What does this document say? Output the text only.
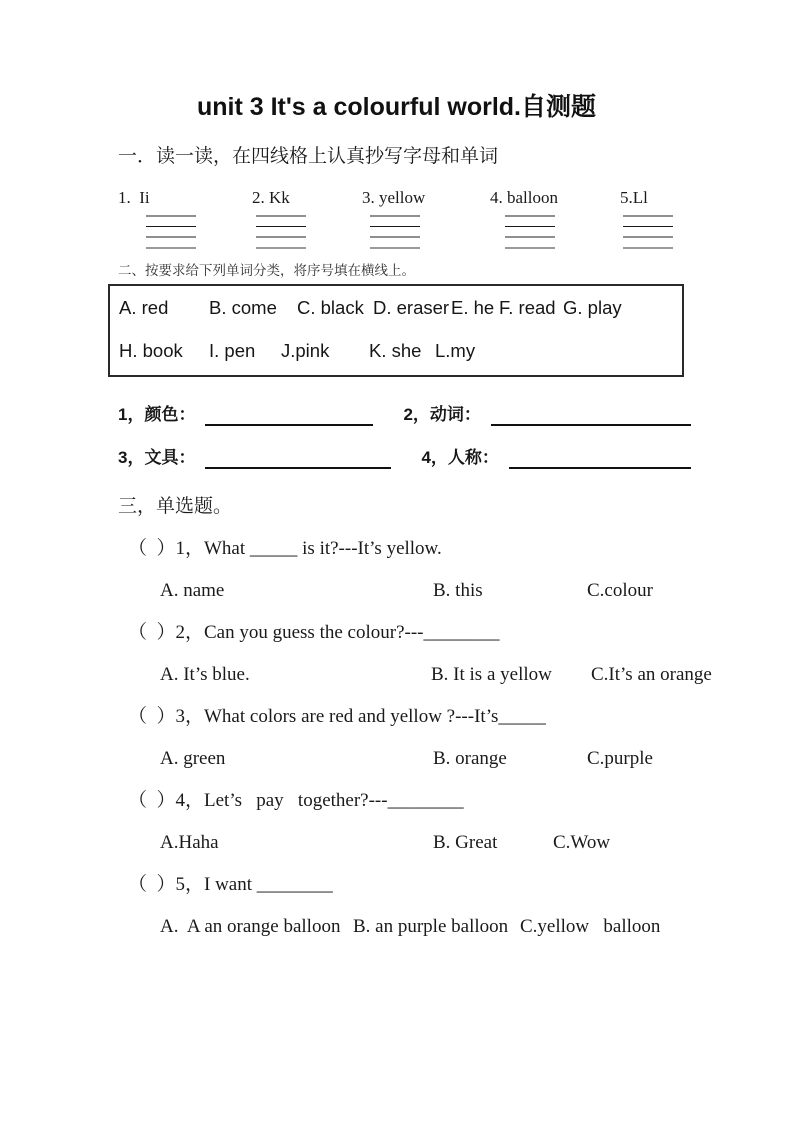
unit 3 It's a colourful world.自测题
一．读一读，在四线格上认真抄写字母和单词
1.  Ii	2. Kk	3. yellow	4. balloon	5.Ll
二、按要求给下列单词分类，将序号填在横线上。
A. red	B. come	C. black D. eraser E. he F. read G. play
H. book	I. pen	J.pink	K. she L.my
1，颜色：	2，动词：
3，文具：	4，人称：
三，单选题。
（  ）1，What _____ is it?---It’s yellow.
A. name	B. this	C.colour
（  ）2，Can you guess the colour?---________
A. It’s blue.	B. It is a yellow	C.It’s an orange
（  ）3，What colors are red and yellow ?---It’s_____
A. green	B. orange	C.purple
（  ）4，Let’s   pay   together?---________
A.Haha	B. Great	C.Wow
（  ）5，I want ________
A.  A an orange balloon B. an purple balloon C.yellow   balloon
